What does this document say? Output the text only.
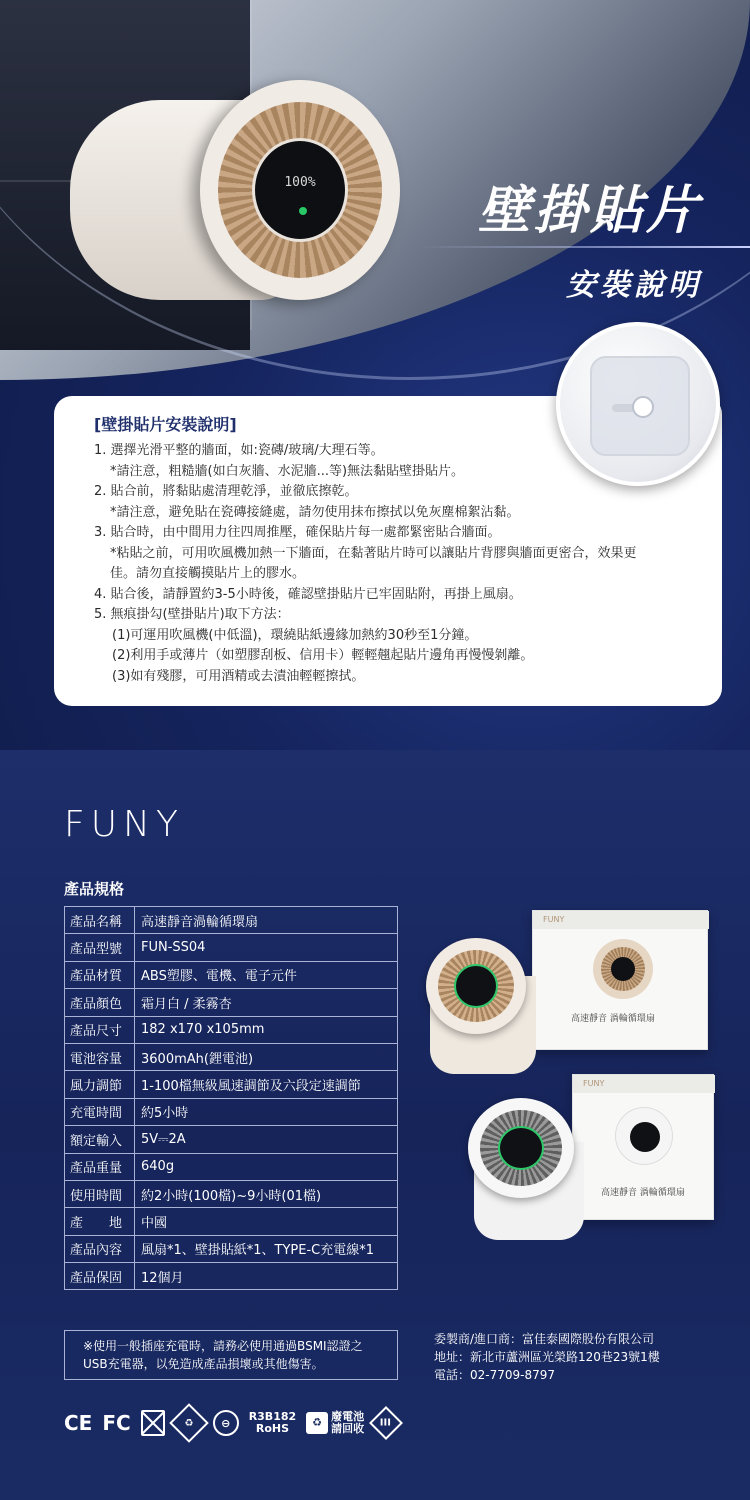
100%	壁掛貼片
安裝說明
[壁掛貼片安裝說明]
1. 選擇光滑平整的牆面，如:瓷磚/玻璃/大理石等。
*請注意，粗糙牆(如白灰牆、水泥牆...等)無法黏貼壁掛貼片。
2. 貼合前，將黏貼處清理乾淨，並徹底擦乾。
*請注意，避免貼在瓷磚接縫處，請勿使用抹布擦拭以免灰塵棉絮沾黏。
3. 貼合時，由中間用力往四周推壓，確保貼片每一處都緊密貼合牆面。
*粘貼之前，可用吹風機加熱一下牆面，在黏著貼片時可以讓貼片背膠與牆面更密合，效果更佳。請勿直接觸摸貼片上的膠水。
4. 貼合後，請靜置約3-5小時後，確認壁掛貼片已牢固貼附，再掛上風扇。
5. 無痕掛勾(壁掛貼片)取下方法：
(1)可運用吹風機(中低溫)，環繞貼紙邊緣加熱約30秒至1分鐘。
(2)利用手或薄片（如塑膠刮板、信用卡）輕輕翹起貼片邊角再慢慢剝離。
(3)如有殘膠，可用酒精或去漬油輕輕擦拭。
FUNY
產品規格
產品名稱	高速靜音渦輪循環扇
產品型號	FUN-SS04
產品材質	ABS塑膠、電機、電子元件
產品顏色	霜月白 / 柔霧杏
產品尺寸	182 x170 x105mm
電池容量	3600mAh(鋰電池)
風力調節	1-100檔無級風速調節及六段定速調節
充電時間	約5小時
額定輸入	5V⎓2A
產品重量	640g
使用時間	約2小時(100檔)~9小時(01檔)
產　　地	中國
產品內容	風扇*1、壁掛貼紙*1、TYPE-C充電線*1
產品保固	12個月
FUNY
高速靜音 渦輪循環扇
FUNY
高速靜音 渦輪循環扇
※使用一般插座充電時，請務必使用通過BSMI認證之
USB充電器，以免造成產品損壞或其他傷害。
委製商/進口商：富佳泰國際股份有限公司
地址：新北市蘆洲區光榮路120巷23號1樓
電話：02-7709-8797
CE FC	♻	⊖	R3B182
RoHS	♻ 廢電池
請回收 III
